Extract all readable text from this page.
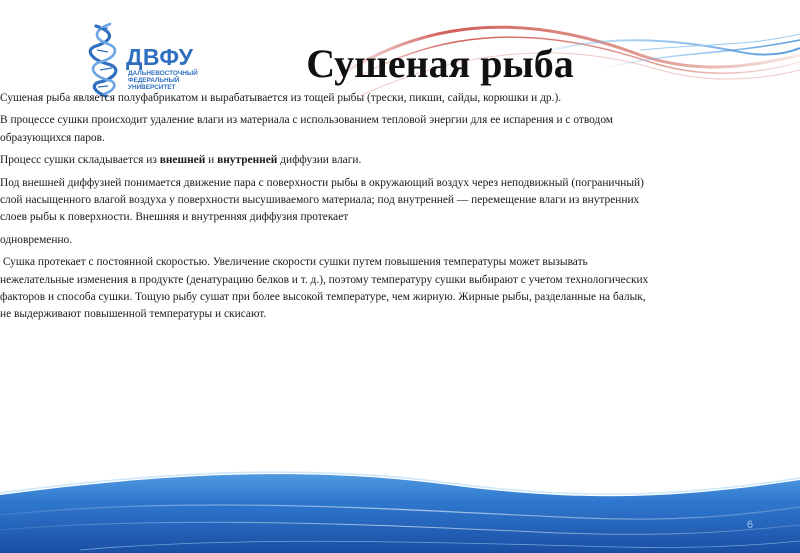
ДВФУ
ДАЛЬНЕВОСТОЧНЫЙ
ФЕДЕРАЛЬНЫЙ
УНИВЕРСИТЕТ
Сушеная рыба

Сушеная рыба является полуфабрикатом и вырабатывается из тощей рыбы (трески, пикши, сайды, корюшки и др.).

В процессе сушки происходит удаление влаги из материала с использованием тепловой энергии для ее испарения и с отводом

образующихся паров.

Процесс сушки складывается из внешней и внутренней диффузии влаги.

Под внешней диффузией понимается движение пара с поверхности рыбы в окружающий воздух через неподвижный (пограничный)

слой насыщенного влагой воздуха у поверхности высушиваемого материала; под внутренней — перемещение влаги из внутренних

слоев рыбы к поверхности. Внешняя и внутренняя диффузия протекает

одновременно.

Сушка протекает с постоянной скоростью. Увеличение скорости сушки путем повышения температуры может вызывать

нежелательные изменения в продукте (денатурацию белков и т. д.), поэтому температуру сушки выбирают с учетом технологических

факторов и способа сушки. Тощую рыбу сушат при более высокой температуре, чем жирную. Жирные рыбы, разделанные на балык,

не выдерживают повышенной температуры и скисают.

6
